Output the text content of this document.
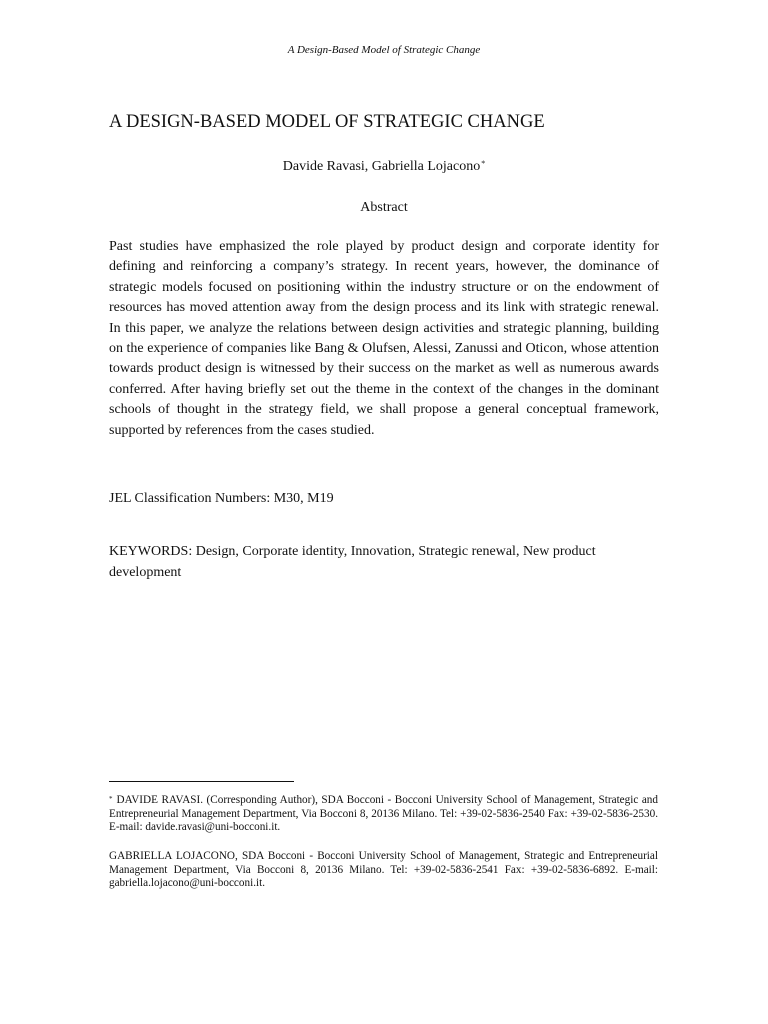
A Design-Based Model of Strategic Change
A DESIGN-BASED MODEL OF STRATEGIC CHANGE
Davide Ravasi, Gabriella Lojacono*
Abstract

Past studies have emphasized the role played by product design and corporate identity for defining and reinforcing a company’s strategy. In recent years, however, the dominance of strategic models focused on positioning within the industry structure or on the endowment of resources has moved attention away from the design process and its link with strategic renewal. In this paper, we analyze the relations between design activities and strategic planning, building on the experience of companies like Bang & Olufsen, Alessi, Zanussi and Oticon, whose attention towards product design is witnessed by their success on the market as well as numerous awards conferred. After having briefly set out the theme in the context of the changes in the dominant schools of thought in the strategy field, we shall propose a general conceptual framework, supported by references from the cases studied.

JEL Classification Numbers: M30, M19
KEYWORDS: Design, Corporate identity, Innovation, Strategic renewal, New product development

* DAVIDE RAVASI. (Corresponding Author), SDA Bocconi - Bocconi University School of Management, Strategic and Entrepreneurial Management Department, Via Bocconi 8, 20136 Milano. Tel: +39-02-5836-2540 Fax: +39-02-5836-2530. E-mail: davide.ravasi@uni-bocconi.it.

GABRIELLA LOJACONO, SDA Bocconi - Bocconi University School of Management, Strategic and Entrepreneurial Management Department, Via Bocconi 8, 20136 Milano. Tel: +39-02-5836-2541 Fax: +39-02-5836-6892. E-mail: gabriella.lojacono@uni-bocconi.it.
